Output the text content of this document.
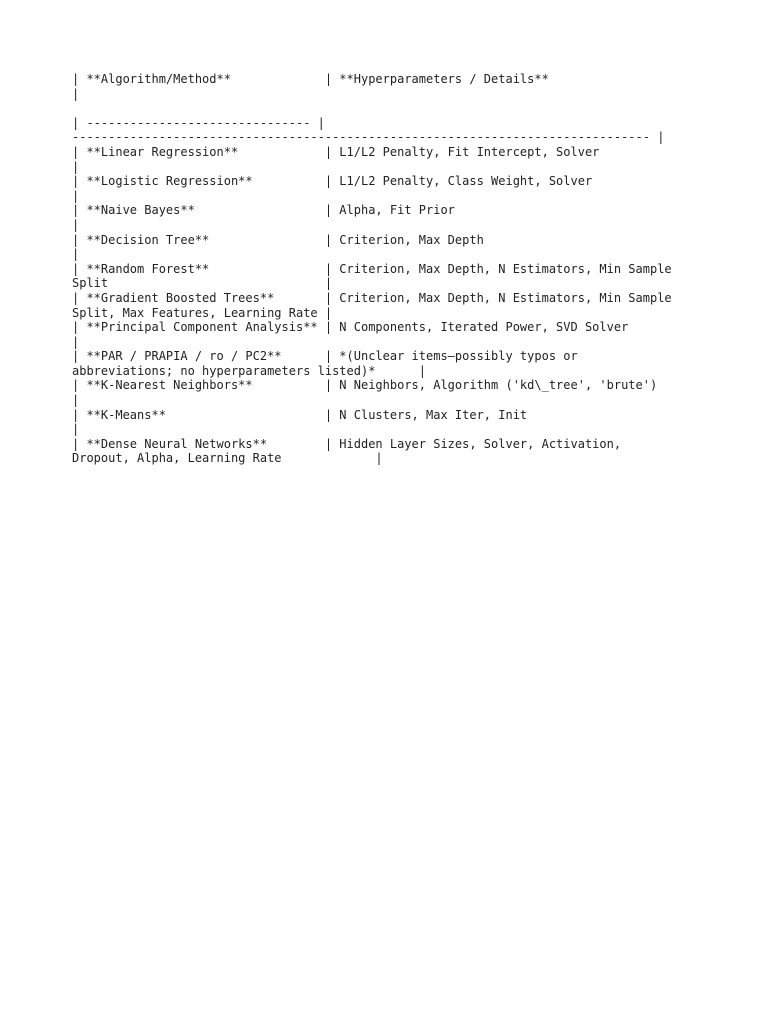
| **Algorithm/Method**             | **Hyperparameters / Details**
|
| ------------------------------- |
-------------------------------------------------------------------------------- |
| **Linear Regression**            | L1/L2 Penalty, Fit Intercept, Solver
|
| **Logistic Regression**          | L1/L2 Penalty, Class Weight, Solver
|
| **Naive Bayes**                  | Alpha, Fit Prior
|
| **Decision Tree**                | Criterion, Max Depth
|
| **Random Forest**                | Criterion, Max Depth, N Estimators, Min Sample
Split                              |
| **Gradient Boosted Trees**       | Criterion, Max Depth, N Estimators, Min Sample
Split, Max Features, Learning Rate |
| **Principal Component Analysis** | N Components, Iterated Power, SVD Solver
|
| **PAR / PRAPIA / ro / PC2**      | *(Unclear items—possibly typos or
abbreviations; no hyperparameters listed)*      |
| **K-Nearest Neighbors**          | N Neighbors, Algorithm ('kd\_tree', 'brute')
|
| **K-Means**                      | N Clusters, Max Iter, Init
|
| **Dense Neural Networks**        | Hidden Layer Sizes, Solver, Activation,
Dropout, Alpha, Learning Rate             |
